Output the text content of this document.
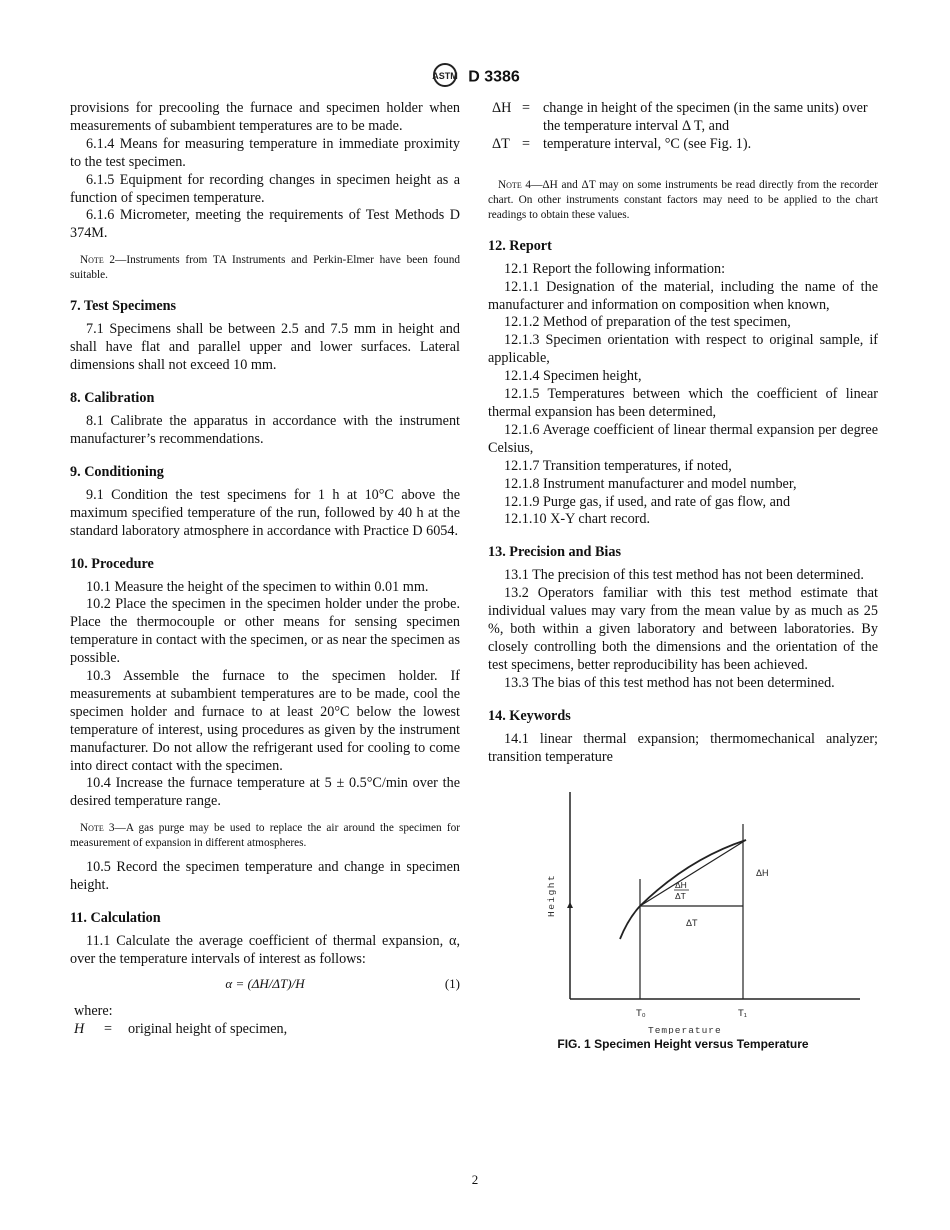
ASTM D 3386

provisions for precooling the furnace and specimen holder when measurements of subambient temperatures are to be made.

6.1.4 Means for measuring temperature in immediate proximity to the test specimen.

6.1.5 Equipment for recording changes in specimen height as a function of specimen temperature.

6.1.6 Micrometer, meeting the requirements of Test Methods D 374M.

Note 2—Instruments from TA Instruments and Perkin-Elmer have been found suitable.
7. Test Specimens

7.1 Specimens shall be between 2.5 and 7.5 mm in height and shall have flat and parallel upper and lower surfaces. Lateral dimensions shall not exceed 10 mm.

8. Calibration

8.1 Calibrate the apparatus in accordance with the instrument manufacturer’s recommendations.

9. Conditioning

9.1 Condition the test specimens for 1 h at 10°C above the maximum specified temperature of the run, followed by 40 h at the standard laboratory atmosphere in accordance with Practice D 6054.

10. Procedure

10.1 Measure the height of the specimen to within 0.01 mm.

10.2 Place the specimen in the specimen holder under the probe. Place the thermocouple or other means for sensing specimen temperature in contact with the specimen, or as near the specimen as possible.

10.3 Assemble the furnace to the specimen holder. If measurements at subambient temperatures are to be made, cool the specimen holder and furnace to at least 20°C below the lowest temperature of interest, using procedures as given by the instrument manufacturer. Do not allow the refrigerant used for cooling to come into direct contact with the specimen.

10.4 Increase the furnace temperature at 5 ± 0.5°C/min over the desired temperature range.

Note 3—A gas purge may be used to replace the air around the specimen for measurement of expansion in different atmospheres.

10.5 Record the specimen temperature and change in specimen height.

11. Calculation

11.1 Calculate the average coefficient of thermal expansion, α, over the temperature intervals of interest as follows:

α = (ΔH/ΔT)/H	(1)
where:
H	=	original height of specimen,
ΔH = change in height of the specimen (in the same units) over the temperature interval Δ T, and
ΔT = temperature interval, °C (see Fig. 1).
Note 4—ΔH and ΔT may on some instruments be read directly from the recorder chart. On other instruments constant factors may need to be applied to the chart readings to obtain these values.
12. Report

12.1 Report the following information:

12.1.1 Designation of the material, including the name of the manufacturer and information on composition when known,

12.1.2 Method of preparation of the test specimen,

12.1.3 Specimen orientation with respect to original sample, if applicable,

12.1.4 Specimen height,

12.1.5 Temperatures between which the coefficient of linear thermal expansion has been determined,

12.1.6 Average coefficient of linear thermal expansion per degree Celsius,

12.1.7 Transition temperatures, if noted,

12.1.8 Instrument manufacturer and model number,

12.1.9 Purge gas, if used, and rate of gas flow, and

12.1.10 X-Y chart record.

13. Precision and Bias

13.1 The precision of this test method has not been determined.

13.2 Operators familiar with this test method estimate that individual values may vary from the mean value by as much as 25 %, both within a given laboratory and between laboratories. By closely controlling both the dimensions and the orientation of the test specimens, better reproducibility has been achieved.

13.3 The bias of this test method has not been determined.

14. Keywords

14.1 linear thermal expansion; thermomechanical analyzer; transition temperature

Height
ΔH
ΔT
ΔH
ΔT
T₀	T₁
Temperature
FIG. 1 Specimen Height versus Temperature
2
